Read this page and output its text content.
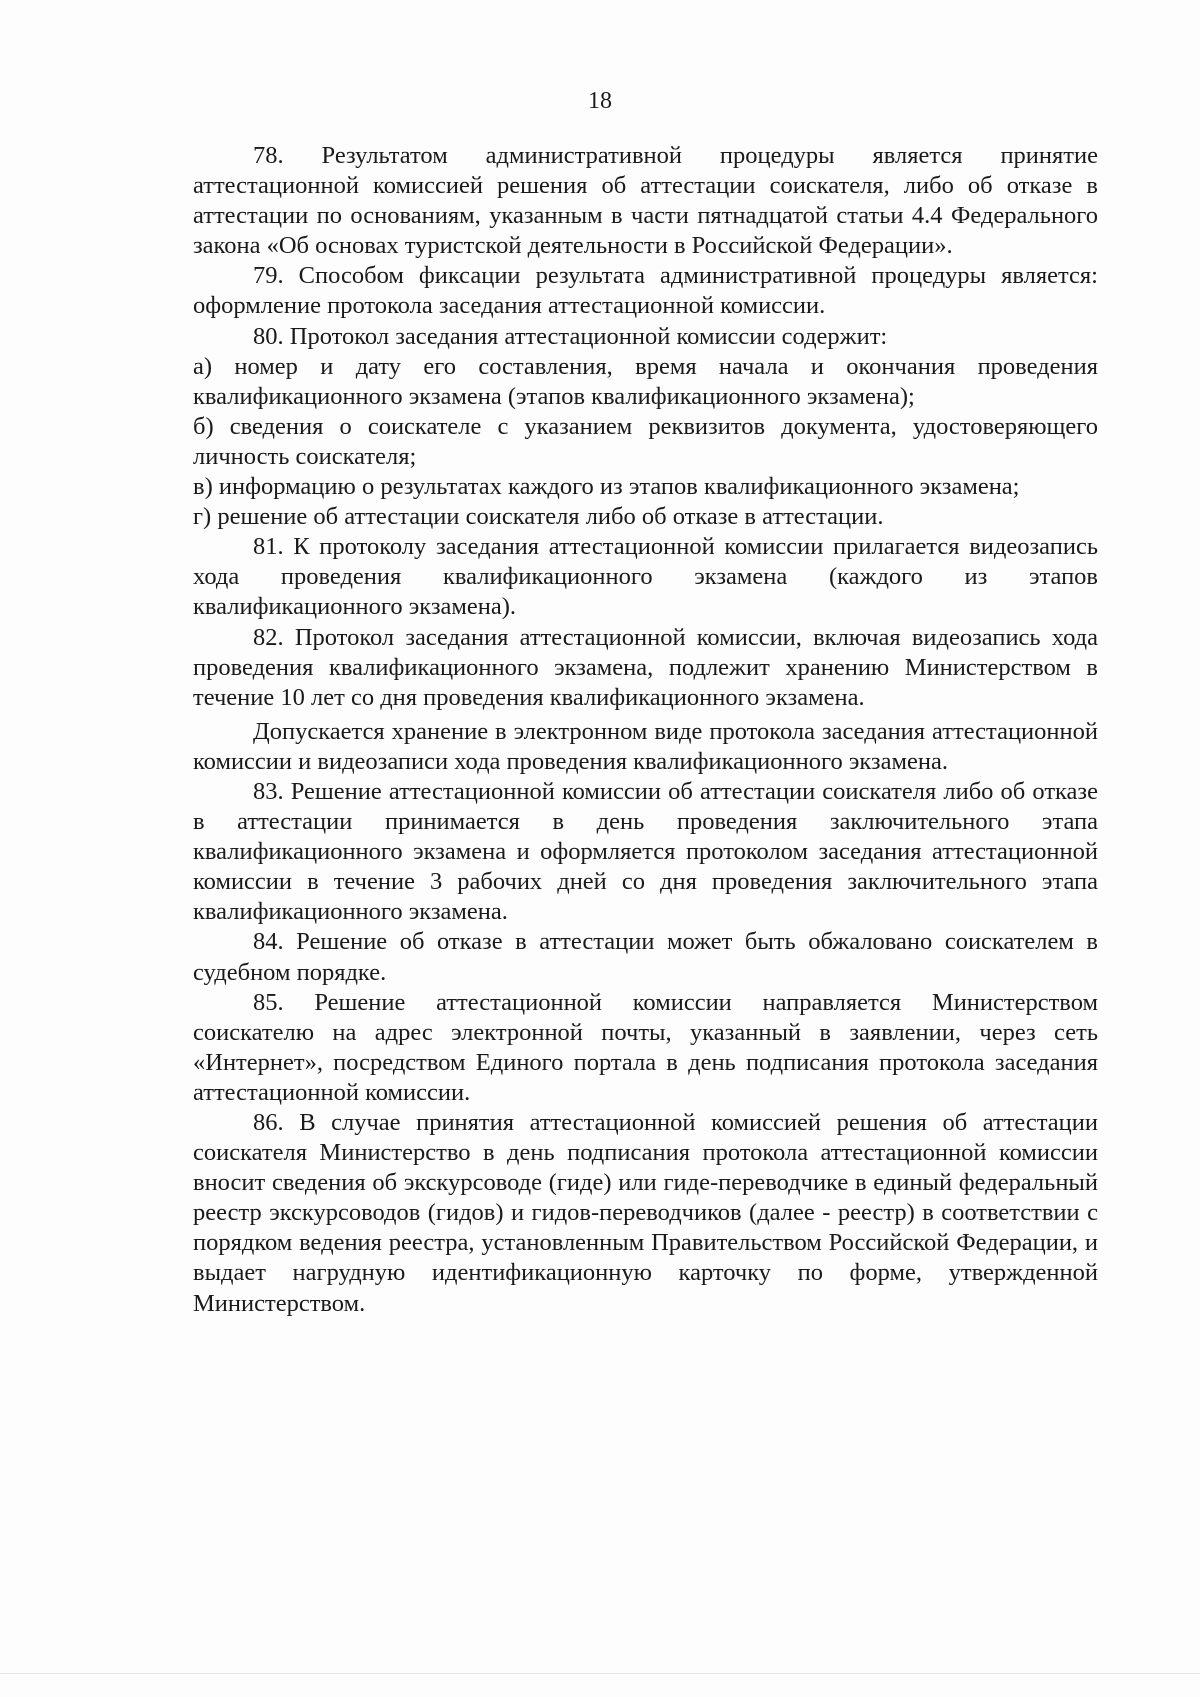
18

78. Результатом административной процедуры является принятие аттестационной комиссией решения об аттестации соискателя, либо об отказе в аттестации по основаниям, указанным в части пятнадцатой статьи 4.4 Федерального закона «Об основах туристской деятельности в Российской Федерации».

79. Способом фиксации результата административной процедуры является: оформление протокола заседания аттестационной комиссии.

80. Протокол заседания аттестационной комиссии содержит:

а) номер и дату его составления, время начала и окончания проведения квалификационного экзамена (этапов квалификационного экзамена);

б) сведения о соискателе с указанием реквизитов документа, удостоверяющего личность соискателя;

в) информацию о результатах каждого из этапов квалификационного экзамена;

г) решение об аттестации соискателя либо об отказе в аттестации.

81. К протоколу заседания аттестационной комиссии прилагается видеозапись хода проведения квалификационного экзамена (каждого из этапов квалификационного экзамена).

82. Протокол заседания аттестационной комиссии, включая видеозапись хода проведения квалификационного экзамена, подлежит хранению Министерством в течение 10 лет со дня проведения квалификационного экзамена.

Допускается хранение в электронном виде протокола заседания аттестационной комиссии и видеозаписи хода проведения квалификационного экзамена.

83. Решение аттестационной комиссии об аттестации соискателя либо об отказе в аттестации принимается в день проведения заключительного этапа квалификационного экзамена и оформляется протоколом заседания аттестационной комиссии в течение 3 рабочих дней со дня проведения заключительного этапа квалификационного экзамена.

84. Решение об отказе в аттестации может быть обжаловано соискателем в судебном порядке.

85. Решение аттестационной комиссии направляется Министерством соискателю на адрес электронной почты, указанный в заявлении, через сеть «Интернет», посредством Единого портала в день подписания протокола заседания аттестационной комиссии.

86. В случае принятия аттестационной комиссией решения об аттестации соискателя Министерство в день подписания протокола аттестационной комиссии вносит сведения об экскурсоводе (гиде) или гиде-переводчике в единый федеральный реестр экскурсоводов (гидов) и гидов-переводчиков (далее - реестр) в соответствии с порядком ведения реестра, установленным Правительством Российской Федерации, и выдает нагрудную идентификационную карточку по форме, утвержденной Министерством.
